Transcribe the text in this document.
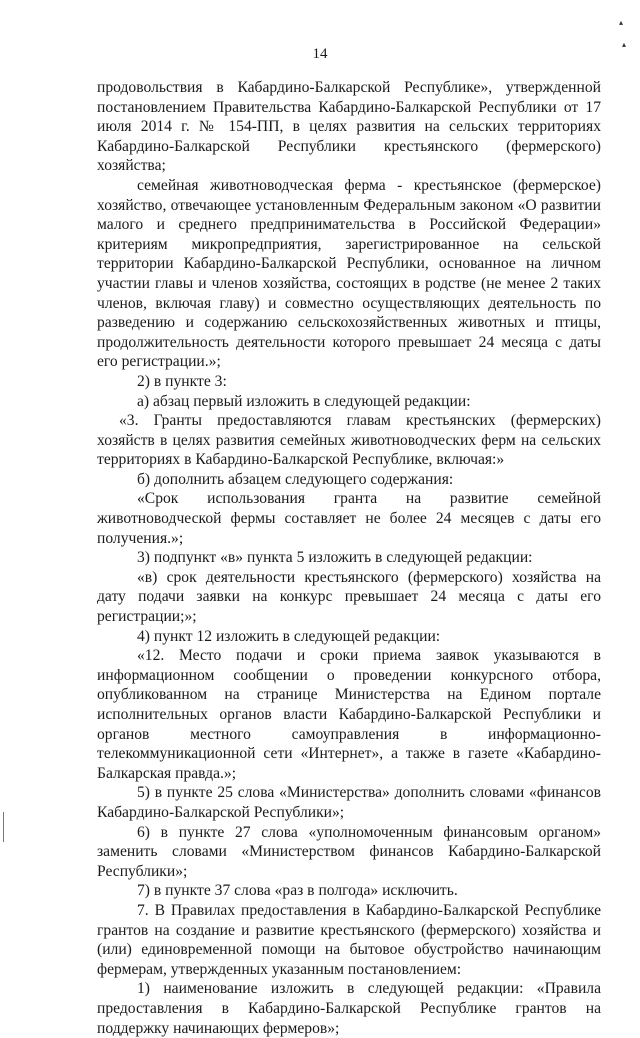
▴
▴
14

продовольствия в Кабардино-Балкарской Республике», утвержденной постановлением Правительства Кабардино-Балкарской Республики от 17 июля 2014 г. № 154-ПП, в целях развития на сельских территориях Кабардино-Балкарской Республики крестьянского (фермерского) хозяйства;

семейная животноводческая ферма - крестьянское (фермерское) хозяйство, отвечающее установленным Федеральным законом «О развитии малого и среднего предпринимательства в Российской Федерации» критериям микропредприятия, зарегистрированное на сельской территории Кабардино-Балкарской Республики, основанное на личном участии главы и членов хозяйства, состоящих в родстве (не менее 2 таких членов, включая главу) и совместно осуществляющих деятельность по разведению и содержанию сельскохозяйственных животных и птицы, продолжительность деятельности которого превышает 24 месяца с даты его регистрации.»;

2) в пункте 3:

а) абзац первый изложить в следующей редакции:

«3. Гранты предоставляются главам крестьянских (фермерских) хозяйств в целях развития семейных животноводческих ферм на сельских территориях в Кабардино-Балкарской Республике, включая:»

б) дополнить абзацем следующего содержания:

«Срок использования гранта на развитие семейной животноводческой фермы составляет не более 24 месяцев с даты его получения.»;

3) подпункт «в» пункта 5 изложить в следующей редакции:

«в) срок деятельности крестьянского (фермерского) хозяйства на дату подачи заявки на конкурс превышает 24 месяца с даты его регистрации;»;

4) пункт 12 изложить в следующей редакции:

«12. Место подачи и сроки приема заявок указываются в информационном сообщении о проведении конкурсного отбора, опубликованном на странице Министерства на Едином портале исполнительных органов власти Кабардино-Балкарской Республики и органов местного самоуправления в информационно-телекоммуникационной сети «Интернет», а также в газете «Кабардино-Балкарская правда.»;

5) в пункте 25 слова «Министерства» дополнить словами «финансов Кабардино-Балкарской Республики»;

6) в пункте 27 слова «уполномоченным финансовым органом» заменить словами «Министерством финансов Кабардино-Балкарской Республики»;

7) в пункте 37 слова «раз в полгода» исключить.

7. В Правилах предоставления в Кабардино-Балкарской Республике грантов на создание и развитие крестьянского (фермерского) хозяйства и (или) единовременной помощи на бытовое обустройство начинающим фермерам, утвержденных указанным постановлением:

1) наименование изложить в следующей редакции: «Правила предоставления в Кабардино-Балкарской Республике грантов на поддержку начинающих фермеров»;
